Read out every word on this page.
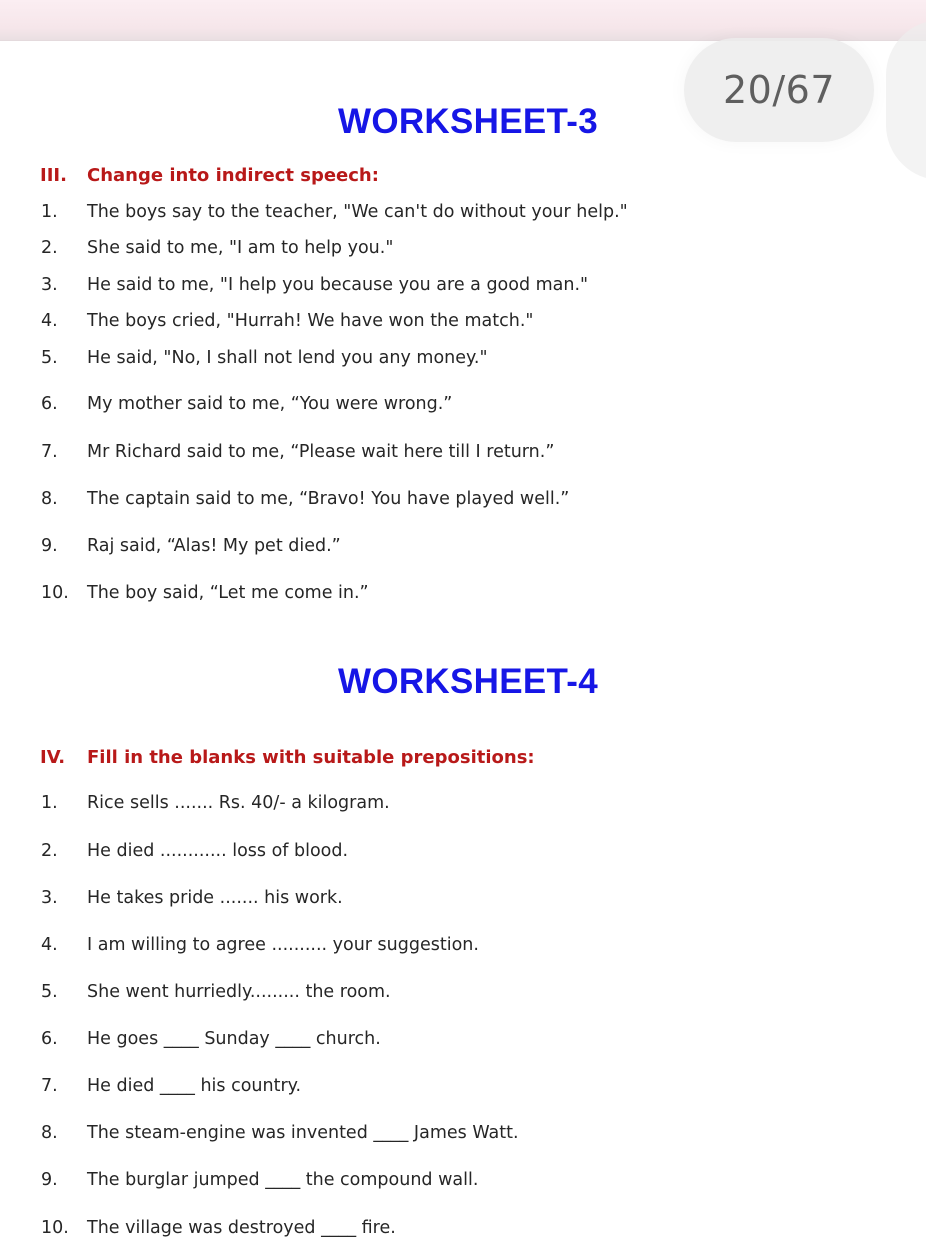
20/67
WORKSHEET-3
III. Change into indirect speech:
1. The boys say to the teacher, "We can't do without your help."
2. She said to me, "I am to help you."
3. He said to me, "I help you because you are a good man."
4. The boys cried, "Hurrah! We have won the match."
5. He said, "No, I shall not lend you any money."
6. My mother said to me, “You were wrong.”
7. Mr Richard said to me, “Please wait here till I return.”
8. The captain said to me, “Bravo! You have played well.”
9. Raj said, “Alas! My pet died.”
10. The boy said, “Let me come in.”
WORKSHEET-4
IV. Fill in the blanks with suitable prepositions:
1. Rice sells ....... Rs. 40/- a kilogram.
2. He died ............ loss of blood.
3. He takes pride ....... his work.
4. I am willing to agree .......... your suggestion.
5. She went hurriedly......... the room.
6. He goes ____ Sunday ____ church.
7. He died ____ his country.
8. The steam-engine was invented ____ James Watt.
9. The burglar jumped ____ the compound wall.
10. The village was destroyed ____ fire.
